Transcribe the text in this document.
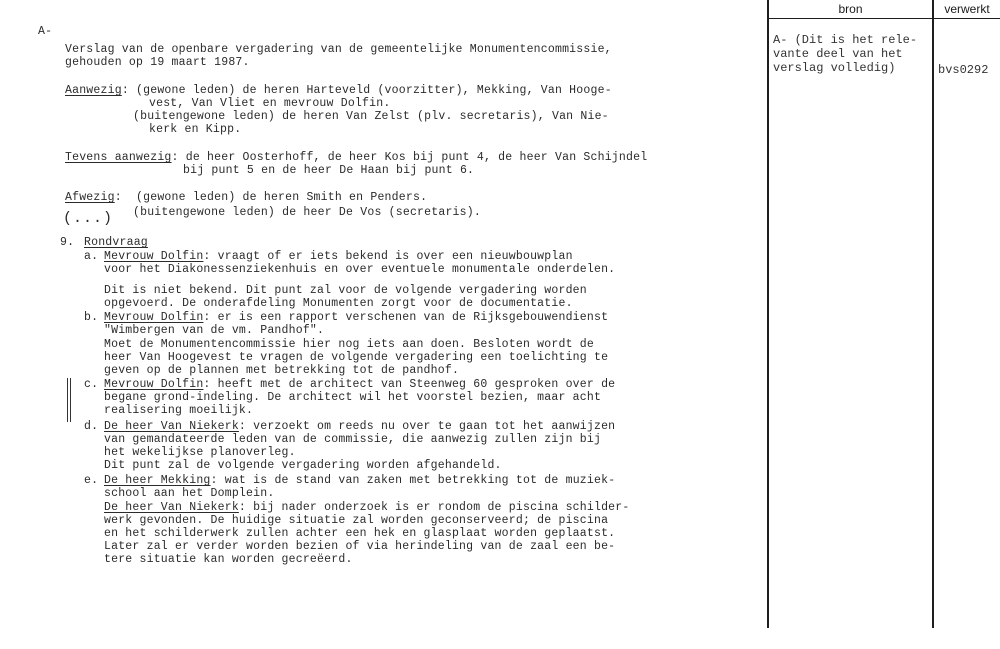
bron	verwerkt
A- (Dit is het rele-
vante deel van het
verslag volledig)	bvs0292
A-
Verslag van de openbare vergadering van de gemeentelijke Monumentencommissie,
gehouden op 19 maart 1987.
Aanwezig: (gewone leden) de heren Harteveld (voorzitter), Mekking, Van Hooge-
vest, Van Vliet en mevrouw Dolfin.
(buitengewone leden) de heren Van Zelst (plv. secretaris), Van Nie-
kerk en Kipp.
Tevens aanwezig: de heer Oosterhoff, de heer Kos bij punt 4, de heer Van Schijndel
bij punt 5 en de heer De Haan bij punt 6.
Afwezig:  (gewone leden) de heren Smith en Penders.
(buitengewone leden) de heer De Vos (secretaris).
(...)
9. Rondvraag
a. Mevrouw Dolfin: vraagt of er iets bekend is over een nieuwbouwplan
voor het Diakonessenziekenhuis en over eventuele monumentale onderdelen.
Dit is niet bekend. Dit punt zal voor de volgende vergadering worden
opgevoerd. De onderafdeling Monumenten zorgt voor de documentatie.
b. Mevrouw Dolfin: er is een rapport verschenen van de Rijksgebouwendienst
"Wimbergen van de vm. Pandhof".
Moet de Monumentencommissie hier nog iets aan doen. Besloten wordt de
heer Van Hoogevest te vragen de volgende vergadering een toelichting te
geven op de plannen met betrekking tot de pandhof.
c. Mevrouw Dolfin: heeft met de architect van Steenweg 60 gesproken over de
begane grond-indeling. De architect wil het voorstel bezien, maar acht
realisering moeilijk.
d. De heer Van Niekerk: verzoekt om reeds nu over te gaan tot het aanwijzen
van gemandateerde leden van de commissie, die aanwezig zullen zijn bij
het wekelijkse planoverleg.
Dit punt zal de volgende vergadering worden afgehandeld.
e. De heer Mekking: wat is de stand van zaken met betrekking tot de muziek-
school aan het Domplein.
De heer Van Niekerk: bij nader onderzoek is er rondom de piscina schilder-
werk gevonden. De huidige situatie zal worden geconserveerd; de piscina
en het schilderwerk zullen achter een hek en glasplaat worden geplaatst.
Later zal er verder worden bezien of via herindeling van de zaal een be-
tere situatie kan worden gecreëerd.
